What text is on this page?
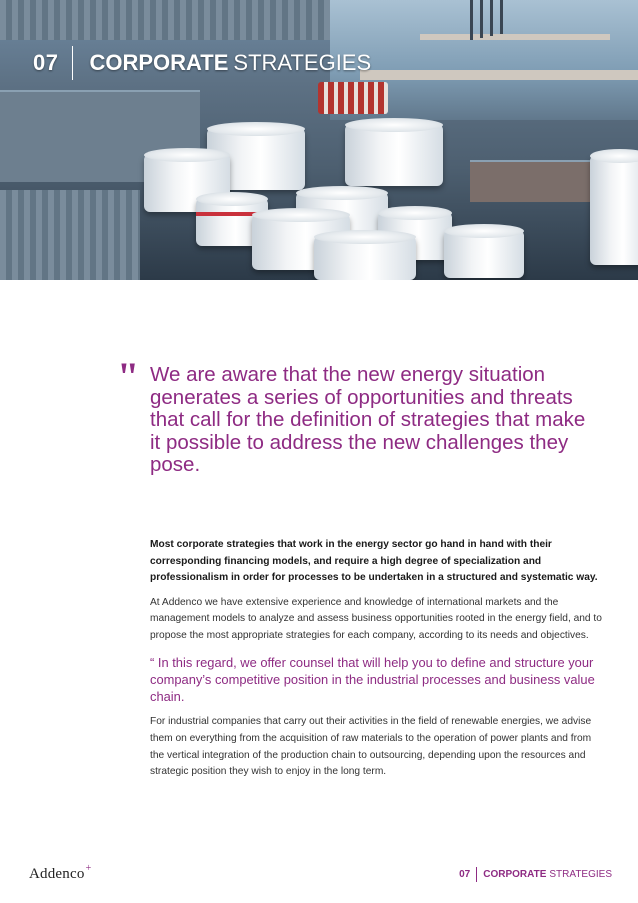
07 CORPORATE STRATEGIES
" We are aware that the new energy situation generates a series of opportunities and threats that call for the definition of strategies that make it possible to address the new challenges they pose.

Most corporate strategies that work in the energy sector go hand in hand with their corresponding financing models, and require a high degree of specialization and professionalism in order for processes to be undertaken in a structured and systematic way.

At Addenco we have extensive experience and knowledge of international markets and the management models to analyze and assess business opportunities rooted in the energy field, and to propose the most appropriate strategies for each company, according to its needs and objectives.

“ In this regard, we offer counsel that will help you to define and structure your company’s competitive position in the industrial processes and business value chain.

For industrial companies that carry out their activities in the field of renewable energies, we advise them on everything from the acquisition of raw materials to the operation of power plants and from the vertical integration of the production chain to outsourcing, depending upon the resources and strategic position they wish to enjoy in the long term.

Addenco+
07 CORPORATE STRATEGIES
